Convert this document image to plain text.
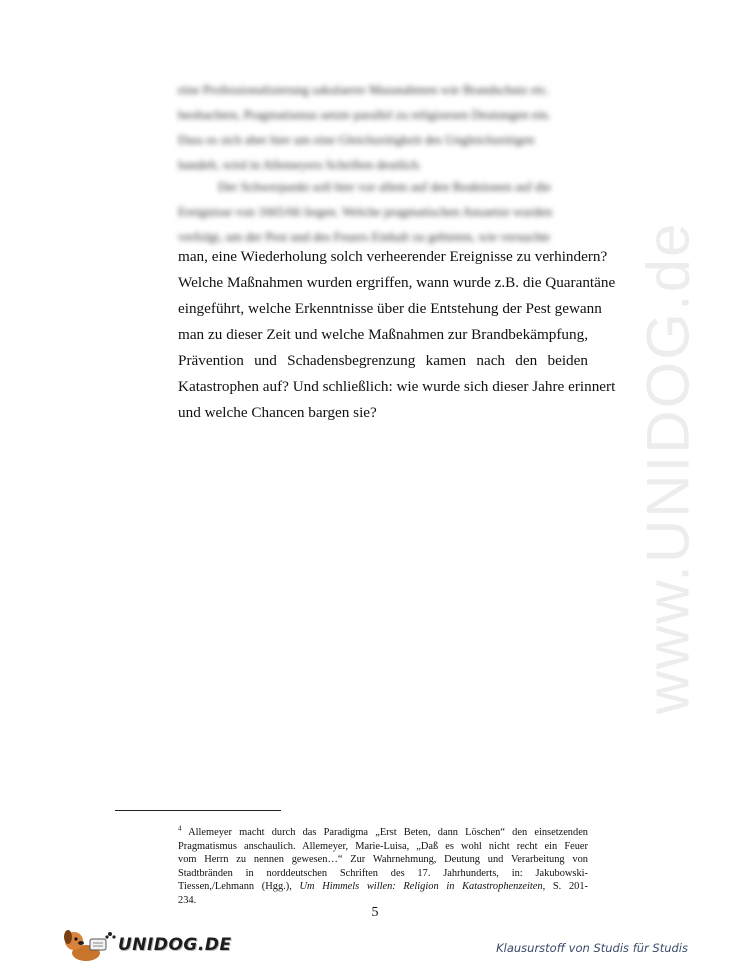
www.UNIDOG.de
eine Professionalisierung sakulaerer Massnahmen wie Brandschutz etc.
beobachten, Pragmatismus setzte parallel zu religioesen Deutungen ein.
Dass es sich aber hier um eine Gleichzeitigkeit des Ungleichzeitigen
handelt, wird in Allemeyers Schriften deutlich.
Der Schwerpunkt soll hier vor allem auf den Reaktionen auf die
Ereignisse von 1665/66 liegen. Welche pragmatischen Ansaetze wurden
verfolgt, um der Pest und des Feuers Einhalt zu gebieten, wie versuchte
man, eine Wiederholung solch verheerender Ereignisse zu verhindern?
Welche Maßnahmen wurden ergriffen, wann wurde z.B. die Quarantäne
eingeführt, welche Erkenntnisse über die Entstehung der Pest gewann
man zu dieser Zeit und welche Maßnahmen zur Brandbekämpfung,
Prävention und Schadensbegrenzung kamen nach den beiden
Katastrophen auf? Und schließlich: wie wurde sich dieser Jahre erinnert
und welche Chancen bargen sie?
$^4$ Allemeyer macht durch das Paradigma „Erst Beten, dann Löschen“ den einsetzenden
Pragmatismus anschaulich. Allemeyer, Marie-Luisa, „Daß es wohl nicht recht ein Feuer
vom Herrn zu nennen gewesen…“ Zur Wahrnehmung, Deutung und Verarbeitung von
Stadtbränden in norddeutschen Schriften des 17. Jahrhunderts, in: Jakubowski-
Tiessen,/Lehmann (Hgg.), Um Himmels willen: Religion in Katastrophenzeiten, S. 201-
234.
5
UNIDOG.DE	Klausurstoff von Studis für Studis
